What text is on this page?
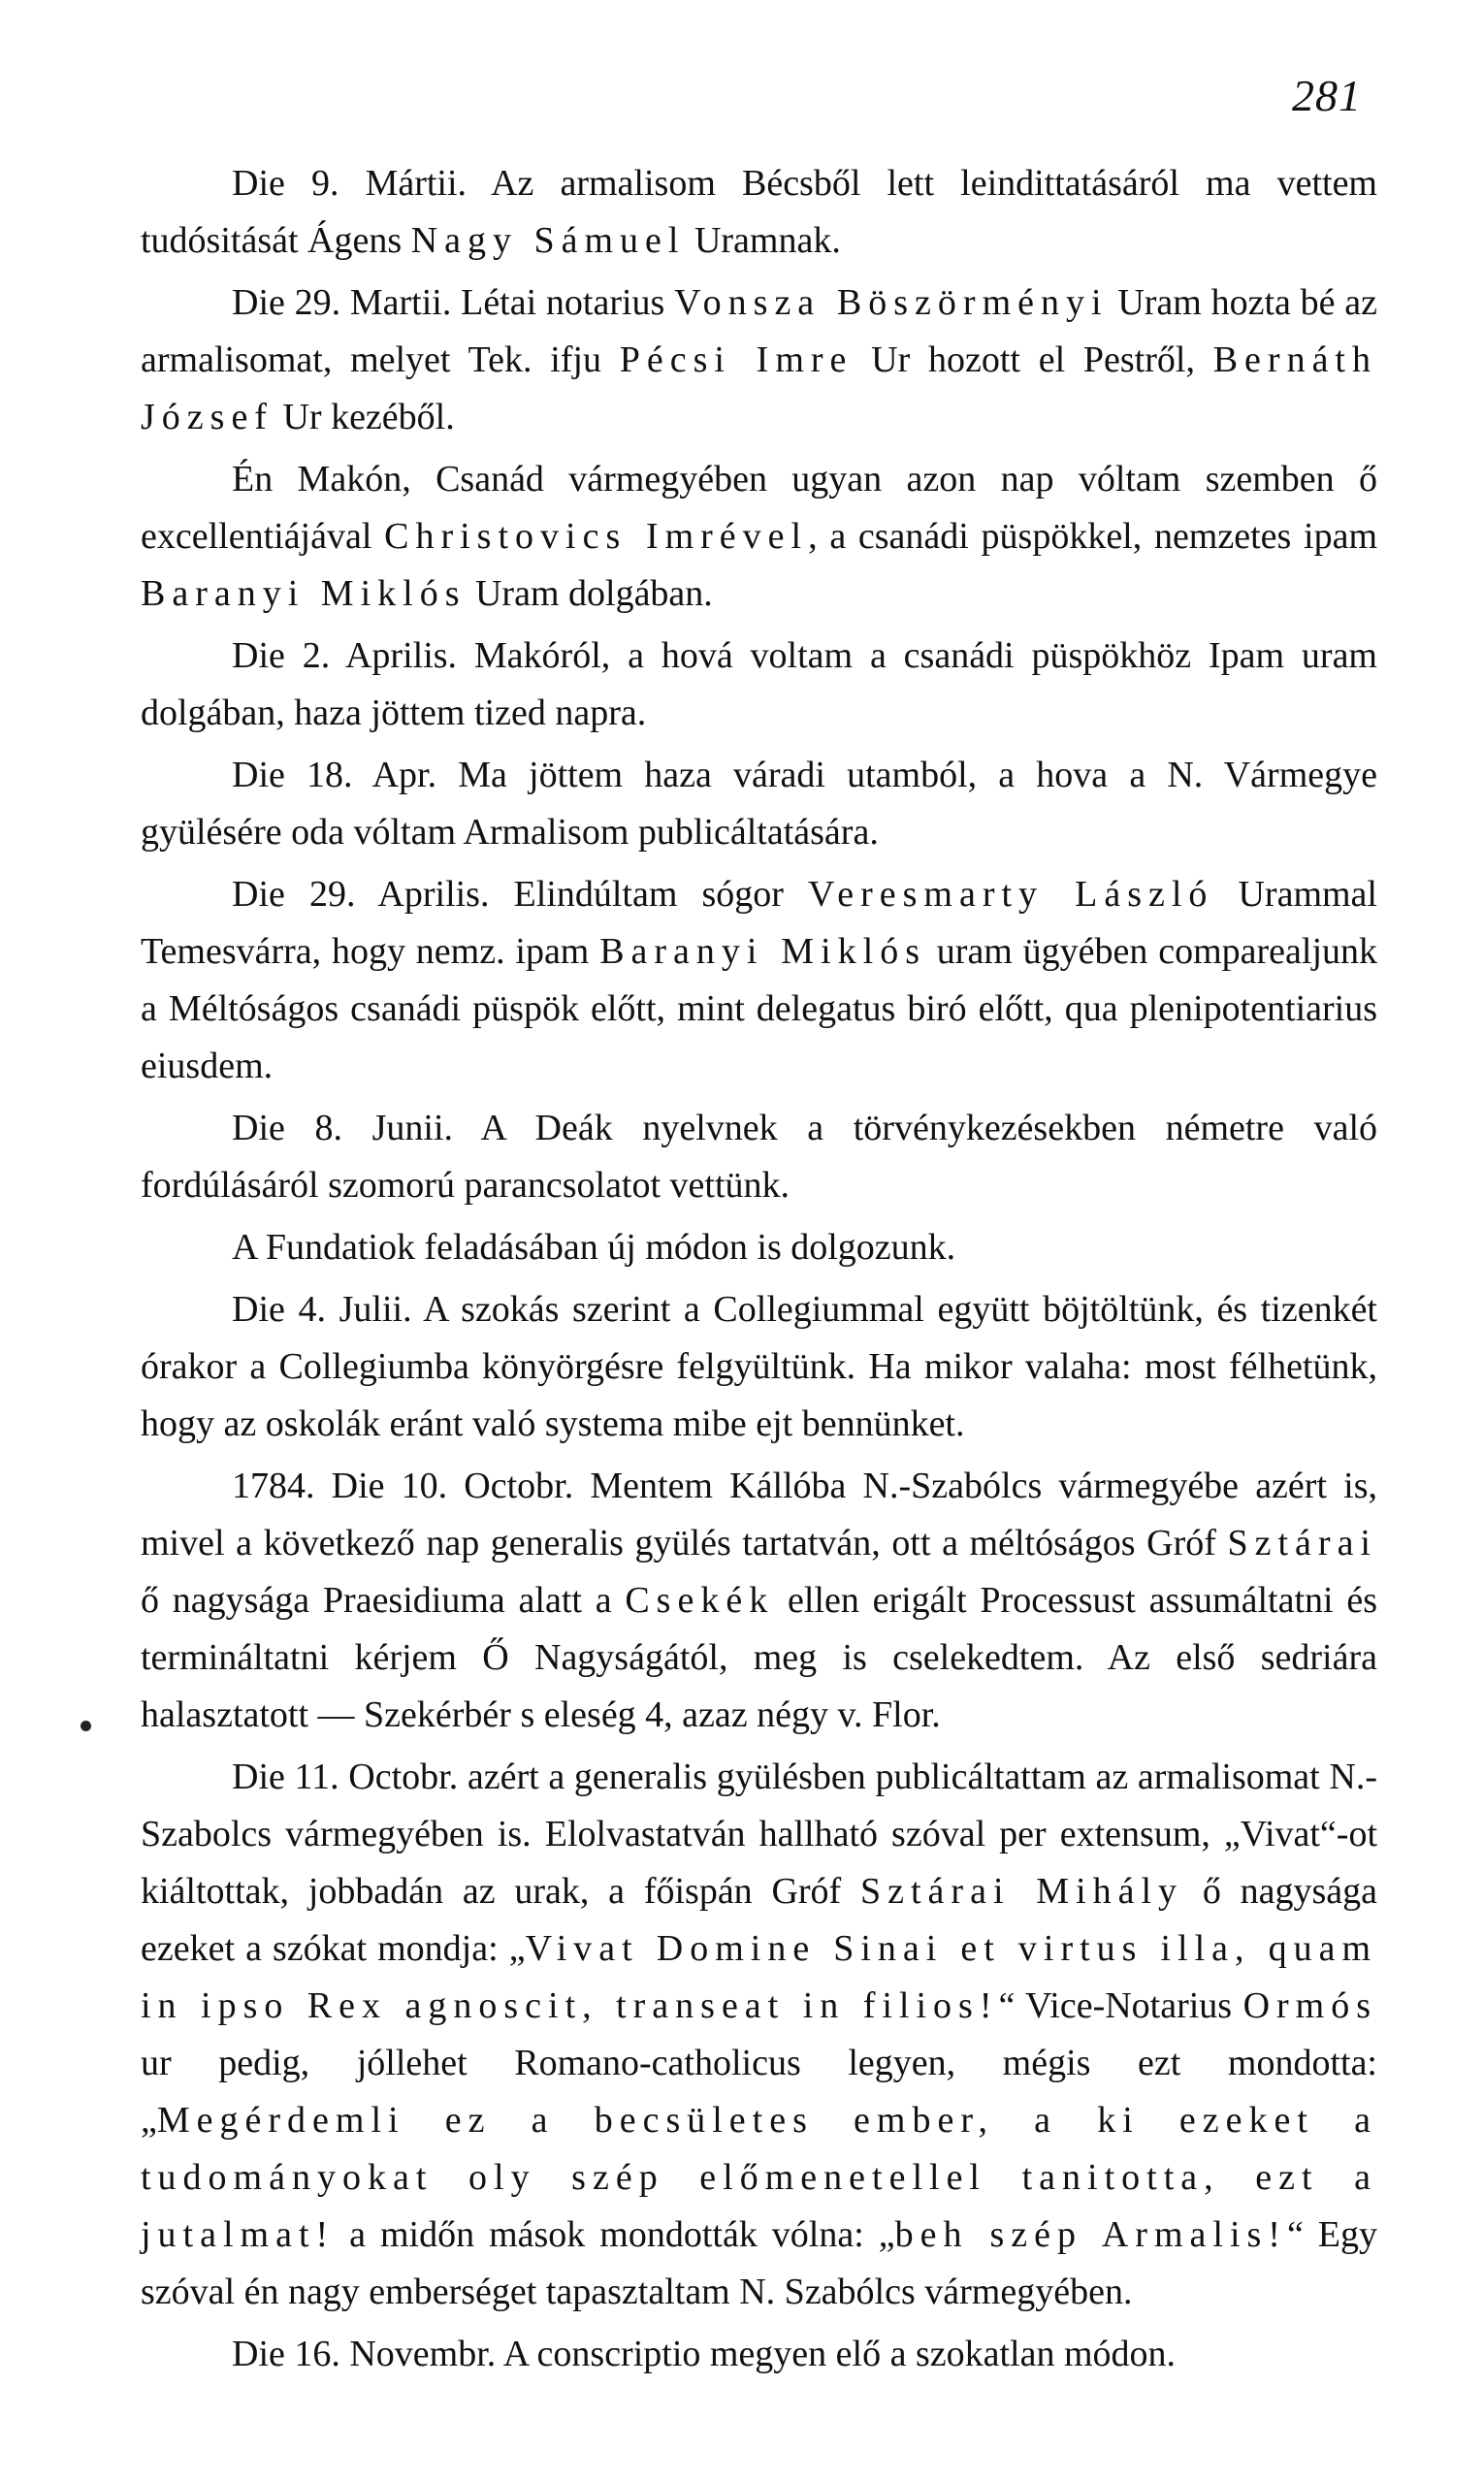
281

Die 9. Mártii. Az armalisom Bécsből lett leindittatásáról ma vettem tudósitását Ágens Nagy Sámuel Uramnak.

Die 29. Martii. Létai notarius Vonsza Böszörményi Uram hozta bé az armalisomat, melyet Tek. ifju Pécsi Imre Ur hozott el Pestről, Bernáth József Ur kezéből.

Én Makón, Csanád vármegyében ugyan azon nap vóltam szemben ő excellentiájával Christovics Imrével, a csanádi püspökkel, nemzetes ipam Baranyi Miklós Uram dolgában.

Die 2. Aprilis. Makóról, a hová voltam a csanádi püspökhöz Ipam uram dolgában, haza jöttem tized napra.

Die 18. Apr. Ma jöttem haza váradi utamból, a hova a N. Vármegye gyülésére oda vóltam Armalisom publicáltatására.

Die 29. Aprilis. Elindúltam sógor Veresmarty László Urammal Temesvárra, hogy nemz. ipam Baranyi Miklós uram ügyében comparealjunk a Méltóságos csanádi püspök előtt, mint delegatus biró előtt, qua plenipotentiarius eiusdem.

Die 8. Junii. A Deák nyelvnek a törvénykezésekben németre való fordúlásáról szomorú parancsolatot vettünk.

A Fundatiok feladásában új módon is dolgozunk.

Die 4. Julii. A szokás szerint a Collegiummal együtt böjtöltünk, és tizenkét órakor a Collegiumba könyörgésre felgyültünk. Ha mikor valaha: most félhetünk, hogy az oskolák eránt való systema mibe ejt bennünket.

1784. Die 10. Octobr. Mentem Kállóba N.-Szabólcs vármegyébe azért is, mivel a következő nap generalis gyülés tartatván, ott a méltóságos Gróf Sztárai ő nagysága Praesidiuma alatt a Csekék ellen erigált Processust assumáltatni és termináltatni kérjem Ő Nagyságától, meg is cselekedtem. Az első sedriára halasztatott — Szekérbér s eleség 4, azaz négy v. Flor.

Die 11. Octobr. azért a generalis gyülésben publicáltattam az armalisomat N.-Szabolcs vármegyében is. Elolvastatván hallható szóval per extensum, „Vivat“-ot kiáltottak, jobbadán az urak, a főispán Gróf Sztárai Mihály ő nagysága ezeket a szókat mondja: „Vivat Domine Sinai et virtus illa, quam in ipso Rex agnoscit, transeat in filios!“ Vice-Notarius Ormós ur pedig, jóllehet Romano-catholicus legyen, mégis ezt mondotta: „Megérdemli ez a becsületes ember, a ki ezeket a tudományokat oly szép előmenetellel tanitotta, ezt a jutalmat! a midőn mások mondották vólna: „beh szép Armalis!“ Egy szóval én nagy emberséget tapasztaltam N. Szabólcs vármegyében.

Die 16. Novembr. A conscriptio megyen elő a szokatlan módon.
